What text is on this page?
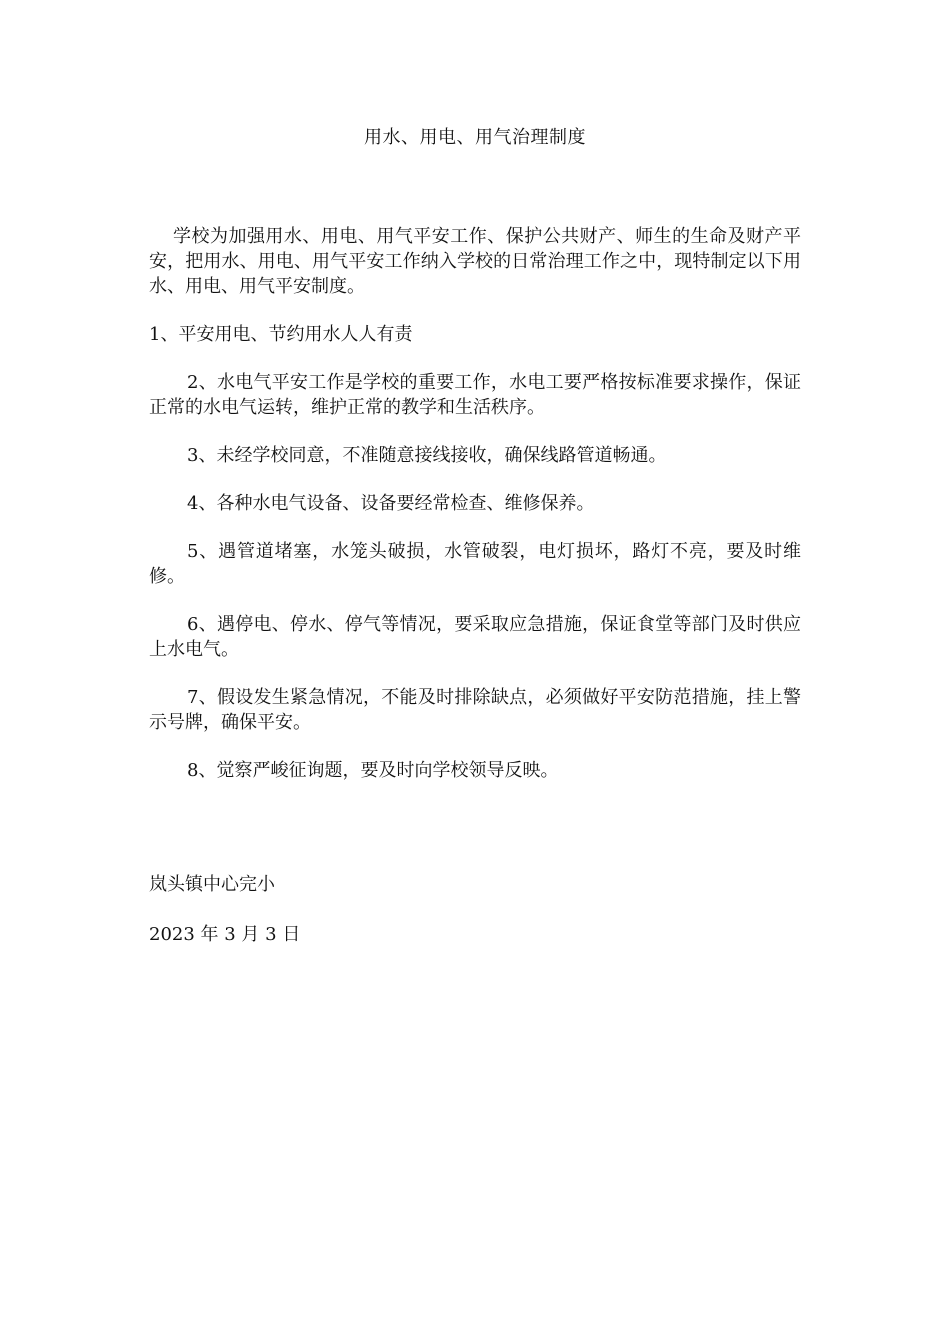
用水、用电、用气治理制度

学校为加强用水、用电、用气平安工作、保护公共财产、师生的生命及财产平安，把用水、用电、用气平安工作纳入学校的日常治理工作之中，现特制定以下用水、用电、用气平安制度。

1、平安用电、节约用水人人有责

2、水电气平安工作是学校的重要工作，水电工要严格按标准要求操作，保证正常的水电气运转，维护正常的教学和生活秩序。

3、未经学校同意，不准随意接线接收，确保线路管道畅通。

4、各种水电气设备、设备要经常检查、维修保养。

5、遇管道堵塞，水笼头破损，水管破裂，电灯损坏，路灯不亮，要及时维修。

6、遇停电、停水、停气等情况，要采取应急措施，保证食堂等部门及时供应上水电气。

7、假设发生紧急情况，不能及时排除缺点，必须做好平安防范措施，挂上警示号牌，确保平安。

8、觉察严峻征询题，要及时向学校领导反映。

岚头镇中心完小
2023 年 3 月 3 日
